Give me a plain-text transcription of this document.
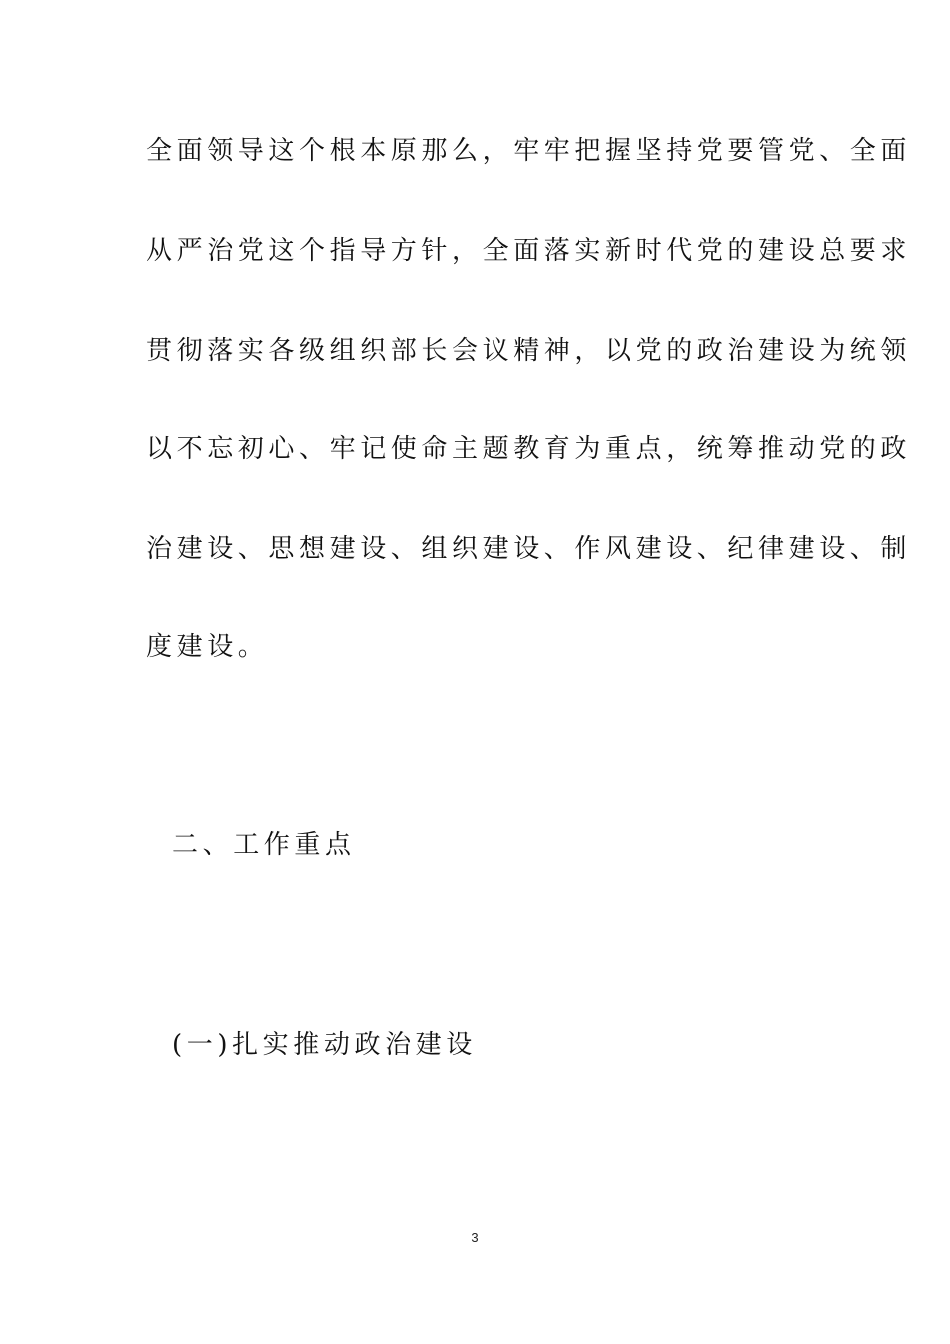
全面领导这个根本原那么，牢牢把握坚持党要管党、全面
从严治党这个指导方针，全面落实新时代党的建设总要求
贯彻落实各级组织部长会议精神，以党的政治建设为统领
以不忘初心、牢记使命主题教育为重点，统筹推动党的政
治建设、思想建设、组织建设、作风建设、纪律建设、制
度建设。
二、工作重点
(一)扎实推动政治建设
3
